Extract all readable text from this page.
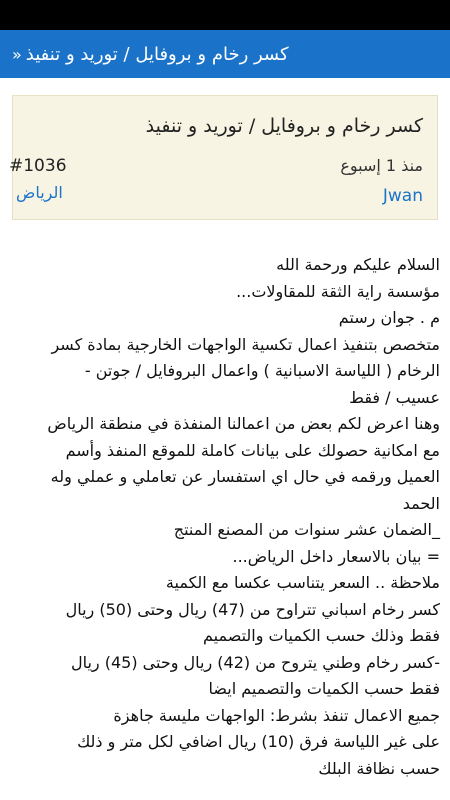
كسر رخام و بروفايل / توريد و تنفيذ
«
كسر رخام و بروفايل / توريد و تنفيذ
منذ 1 إسبوع
Jwan
#1036
الرياض
السلام عليكم ورحمة الله
مؤسسة راية الثقة للمقاولات...
م . جوان رستم
متخصص بتنفيذ اعمال تكسية الواجهات الخارجية بمادة كسر
الرخام ( اللياسة الاسبانية ) واعمال البروفايل / جوتن -
عسيب / فقط
وهنا اعرض لكم بعض من اعمالنا المنفذة في منطقة الرياض
مع امكانية حصولك على بيانات كاملة للموقع المنفذ وأسم
العميل ورقمه في حال اي استفسار عن تعاملي و عملي وله
الحمد
_الضمان عشر سنوات من المصنع المنتج
= بيان بالاسعار داخل الرياض...
ملاحظة .. السعر يتناسب عكسا مع الكمية
كسر رخام اسباني تتراوح من (47) ريال وحتى (50) ريال
فقط وذلك حسب الكميات والتصميم
-كسر رخام وطني يتروح من (42) ريال وحتى (45) ريال
فقط حسب الكميات والتصميم ايضا
جميع الاعمال تنفذ بشرط: الواجهات مليسة جاهزة
على غير اللياسة فرق (10) ريال اضافي لكل متر و ذلك
حسب نظافة البلك
